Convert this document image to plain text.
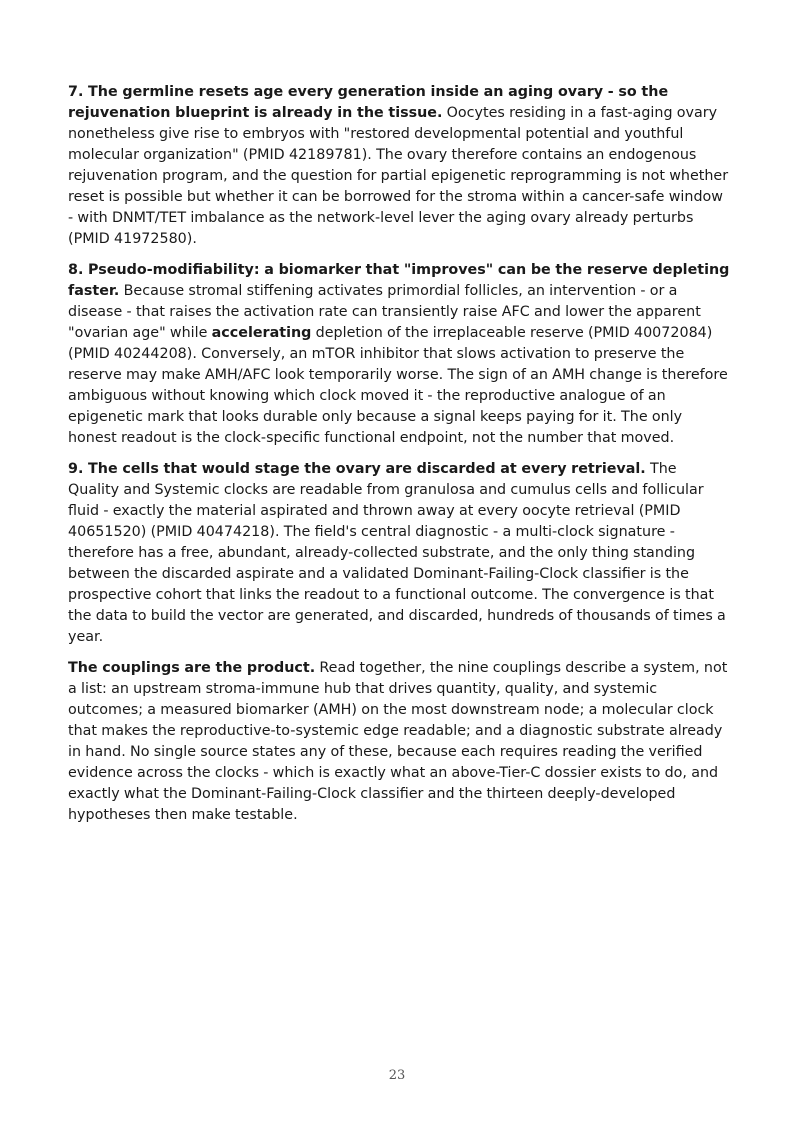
7. The germline resets age every generation inside an aging ovary - so the rejuvenation blueprint is already in the tissue. Oocytes residing in a fast-aging ovary nonetheless give rise to embryos with "restored developmental potential and youthful molecular organization" (PMID 42189781). The ovary therefore contains an endogenous rejuvenation program, and the question for partial epigenetic reprogramming is not whether reset is possible but whether it can be borrowed for the stroma within a cancer-safe window - with DNMT/TET imbalance as the network-level lever the aging ovary already perturbs (PMID 41972580).

8. Pseudo-modifiability: a biomarker that "improves" can be the reserve depleting faster. Because stromal stiffening activates primordial follicles, an intervention - or a disease - that raises the activation rate can transiently raise AFC and lower the apparent "ovarian age" while accelerating depletion of the irreplaceable reserve (PMID 40072084)(PMID 40244208). Conversely, an mTOR inhibitor that slows activation to preserve the reserve may make AMH/AFC look temporarily worse. The sign of an AMH change is therefore ambiguous without knowing which clock moved it - the reproductive analogue of an epigenetic mark that looks durable only because a signal keeps paying for it. The only honest readout is the clock-specific functional endpoint, not the number that moved.

9. The cells that would stage the ovary are discarded at every retrieval. The Quality and Systemic clocks are readable from granulosa and cumulus cells and follicular fluid - exactly the material aspirated and thrown away at every oocyte retrieval (PMID 40651520) (PMID 40474218). The field's central diagnostic - a multi-clock signature - therefore has a free, abundant, already-collected substrate, and the only thing standing between the discarded aspirate and a validated Dominant-Failing-Clock classifier is the prospective cohort that links the readout to a functional outcome. The convergence is that the data to build the vector are generated, and discarded, hundreds of thousands of times a year.

The couplings are the product. Read together, the nine couplings describe a system, not a list: an upstream stroma-immune hub that drives quantity, quality, and systemic outcomes; a measured biomarker (AMH) on the most downstream node; a molecular clock that makes the reproductive-to-systemic edge readable; and a diagnostic substrate already in hand. No single source states any of these, because each requires reading the verified evidence across the clocks - which is exactly what an above-Tier-C dossier exists to do, and exactly what the Dominant-Failing-Clock classifier and the thirteen deeply-developed hypotheses then make testable.

23
